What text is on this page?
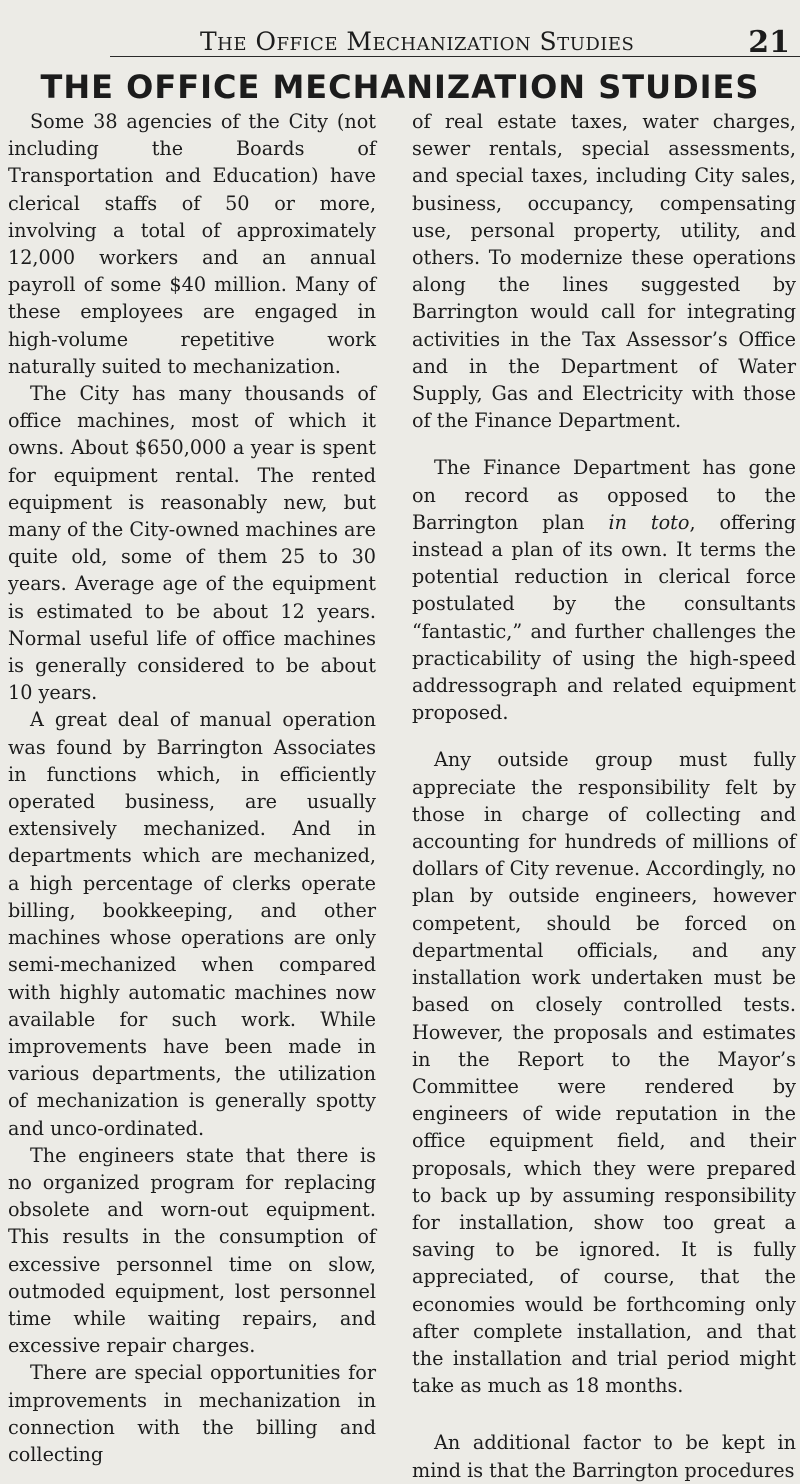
The Office Mechanization Studies	21
THE OFFICE MECHANIZATION STUDIES

Some 38 agencies of the City (not including the Boards of Transportation and Education) have clerical staffs of 50 or more, involving a total of approximately 12,000 workers and an annual payroll of some $40 million. Many of these employees are engaged in high-volume repetitive work naturally suited to mechanization.

The City has many thousands of office machines, most of which it owns. About $650,000 a year is spent for equipment rental. The rented equipment is reasonably new, but many of the City-owned machines are quite old, some of them 25 to 30 years. Average age of the equipment is estimated to be about 12 years. Normal useful life of office machines is generally considered to be about 10 years.

A great deal of manual operation was found by Barrington Associates in functions which, in efficiently operated business, are usually extensively mechanized. And in departments which are mechanized, a high percentage of clerks operate billing, bookkeeping, and other machines whose operations are only semi-mechanized when compared with highly automatic machines now available for such work. While improvements have been made in various departments, the utilization of mechanization is generally spotty and unco-ordinated.

The engineers state that there is no organized program for replacing obsolete and worn-out equipment. This results in the consumption of excessive personnel time on slow, outmoded equipment, lost personnel time while waiting repairs, and excessive repair charges.

There are special opportunities for improvements in mechanization in connection with the billing and collecting

of real estate taxes, water charges, sewer rentals, special assessments, and special taxes, including City sales, business, occupancy, compensating use, personal property, utility, and others. To modernize these operations along the lines suggested by Barrington would call for integrating activities in the Tax Assessor’s Office and in the Department of Water Supply, Gas and Electricity with those of the Finance Department.

The Finance Department has gone on record as opposed to the Barrington plan in toto, offering instead a plan of its own. It terms the potential reduction in clerical force postulated by the consultants “fantastic,” and further challenges the practicability of using the high-speed addressograph and related equipment proposed.

Any outside group must fully appreciate the responsibility felt by those in charge of collecting and accounting for hundreds of millions of dollars of City revenue. Accordingly, no plan by outside engineers, however competent, should be forced on departmental officials, and any installation work undertaken must be based on closely controlled tests. However, the proposals and estimates in the Report to the Mayor’s Committee were rendered by engineers of wide reputation in the office equipment field, and their proposals, which they were prepared to back up by assuming responsibility for installation, show too great a saving to be ignored. It is fully appreciated, of course, that the economies would be forthcoming only after complete installation, and that the installation and trial period might take as much as 18 months.

An additional factor to be kept in mind is that the Barrington procedures
